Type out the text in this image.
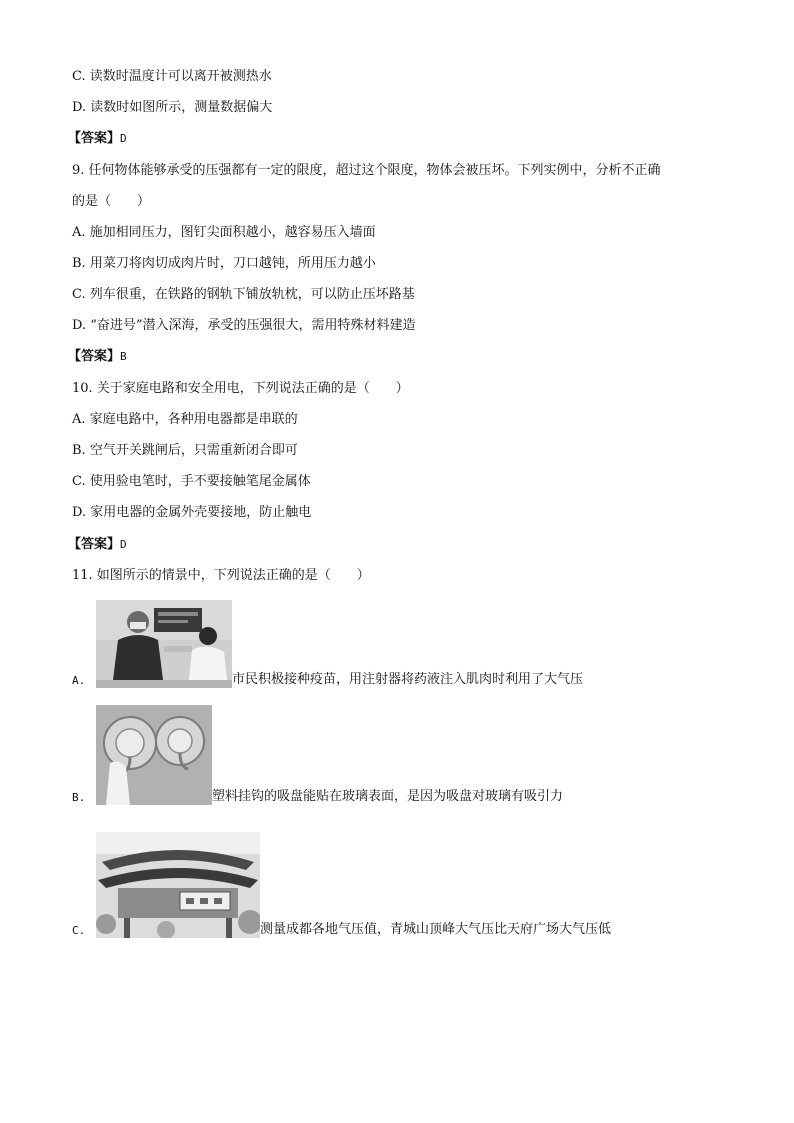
C. 读数时温度计可以离开被测热水
D. 读数时如图所示，测量数据偏大
【答案】D
9. 任何物体能够承受的压强都有一定的限度，超过这个限度，物体会被压坏。下列实例中，分析不正确
的是（　　）
A. 施加相同压力，图钉尖面积越小，越容易压入墙面
B. 用菜刀将肉切成肉片时，刀口越钝，所用压力越小
C. 列车很重，在铁路的钢轨下铺放轨枕，可以防止压坏路基
D. “奋进号”潜入深海，承受的压强很大，需用特殊材料建造
【答案】B
10. 关于家庭电路和安全用电，下列说法正确的是（　　）
A. 家庭电路中，各种用电器都是串联的
B. 空气开关跳闸后，只需重新闭合即可
C. 使用验电笔时，手不要接触笔尾金属体
D. 家用电器的金属外壳要接地，防止触电
【答案】D
11. 如图所示的情景中，下列说法正确的是（　　）
A.	市民积极接种疫苗，用注射器将药液注入肌肉时利用了大气压
B.	塑料挂钩的吸盘能贴在玻璃表面，是因为吸盘对玻璃有吸引力
C.	测量成都各地气压值，青城山顶峰大气压比天府广场大气压低
